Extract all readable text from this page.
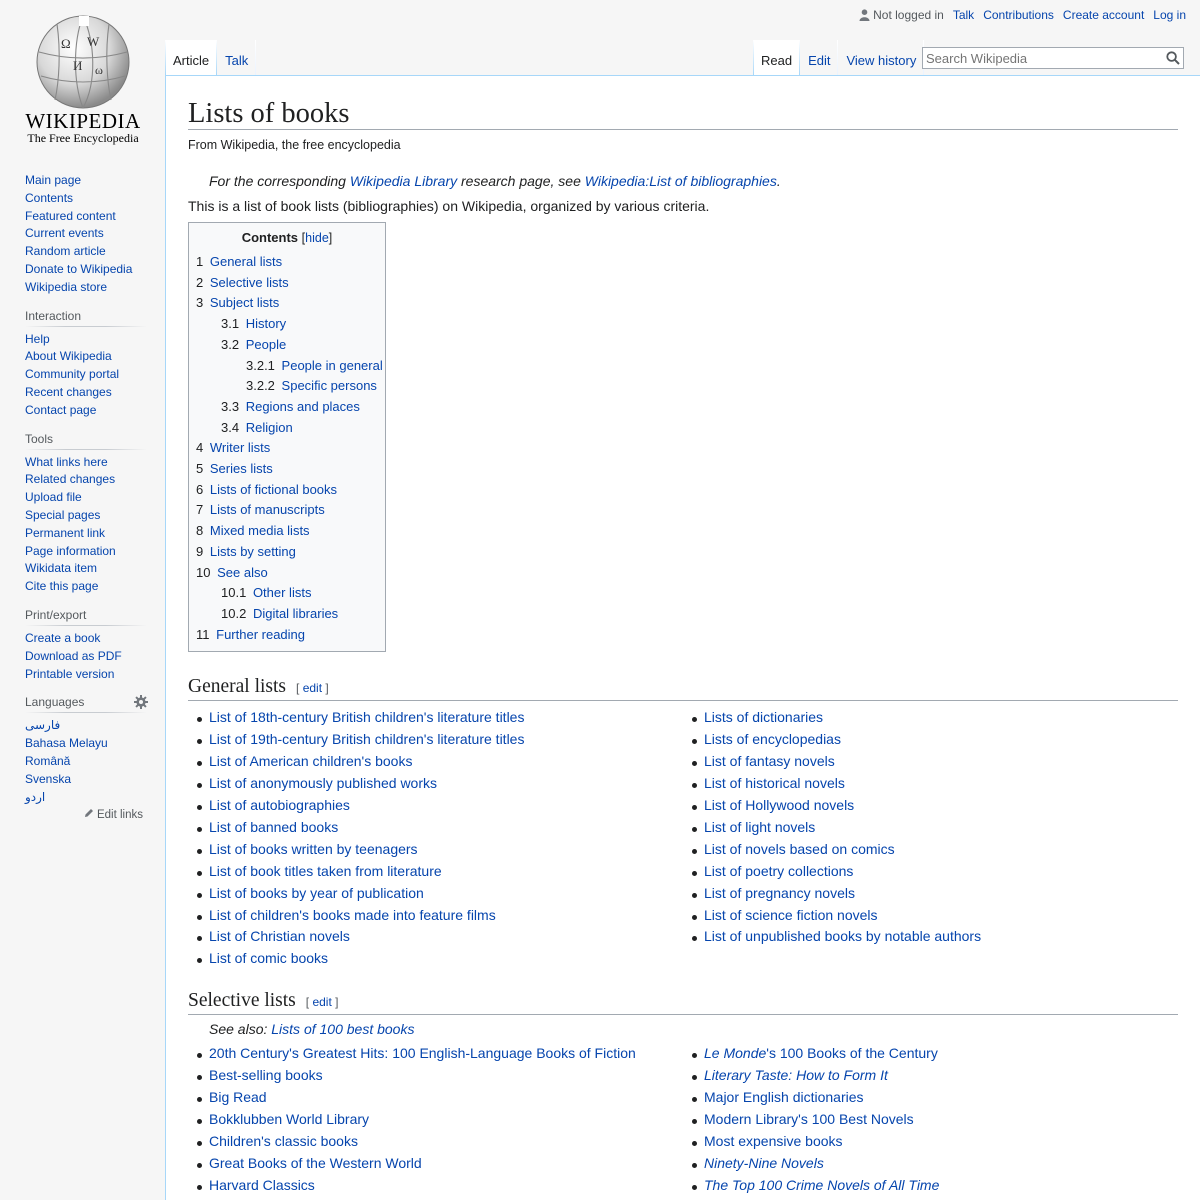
Ω W
И ω
WIKIPEDIA
The Free Encyclopedia
Not logged in Talk Contributions Create account Log in
Article	Talk	Read	Edit	View history
Search Wikipedia
Main page
Contents
Featured content
Current events
Random article
Donate to Wikipedia
Wikipedia store
Interaction
Help
About Wikipedia
Community portal
Recent changes
Contact page
Tools
What links here
Related changes
Upload file
Special pages
Permanent link
Page information
Wikidata item
Cite this page
Print/export
Create a book
Download as PDF
Printable version
Languages
فارسی
Bahasa Melayu
Română
Svenska
اردو
Edit links
Lists of books
From Wikipedia, the free encyclopedia
For the corresponding Wikipedia Library research page, see Wikipedia:List of bibliographies.
This is a list of book lists (bibliographies) on Wikipedia, organized by various criteria.
Contents [hide]
1 General lists
2 Selective lists
3 Subject lists
3.1 History
3.2 People
3.2.1 People in general
3.2.2 Specific persons
3.3 Regions and places
3.4 Religion
4 Writer lists
5 Series lists
6 Lists of fictional books
7 Lists of manuscripts
8 Mixed media lists
9 Lists by setting
10 See also
10.1 Other lists
10.2 Digital libraries
11 Further reading
General lists [ edit ]
List of 18th-century British children's literature titles
List of 19th-century British children's literature titles
List of American children's books
List of anonymously published works
List of autobiographies
List of banned books
List of books written by teenagers
List of book titles taken from literature
List of books by year of publication
List of children's books made into feature films
List of Christian novels
List of comic books
Lists of dictionaries
Lists of encyclopedias
List of fantasy novels
List of historical novels
List of Hollywood novels
List of light novels
List of novels based on comics
List of poetry collections
List of pregnancy novels
List of science fiction novels
List of unpublished books by notable authors
Selective lists [ edit ]
See also: Lists of 100 best books
20th Century's Greatest Hits: 100 English-Language Books of Fiction
Best-selling books
Big Read
Bokklubben World Library
Children's classic books
Great Books of the Western World
Harvard Classics
Le Monde's 100 Books of the Century
Literary Taste: How to Form It
Major English dictionaries
Modern Library's 100 Best Novels
Most expensive books
Ninety-Nine Novels
The Top 100 Crime Novels of All Time
